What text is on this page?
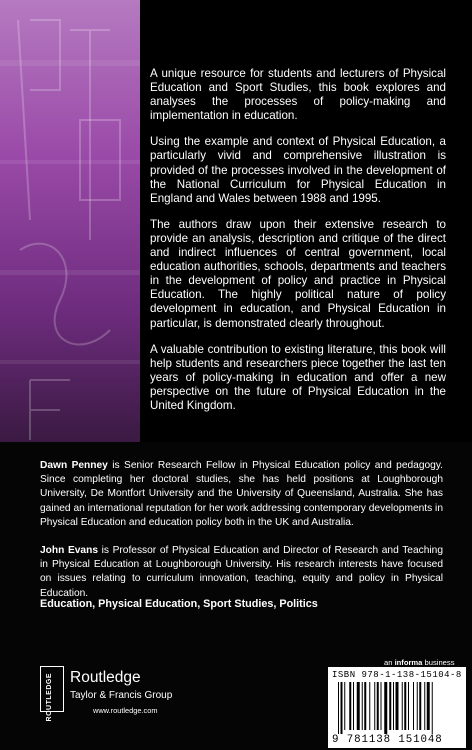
A unique resource for students and lecturers of Physical Education and Sport Studies, this book explores and analyses the processes of policy-making and implementation in education.

Using the example and context of Physical Education, a particularly vivid and comprehensive illustration is provided of the processes involved in the development of the National Curriculum for Physical Education in England and Wales between 1988 and 1995.

The authors draw upon their extensive research to provide an analysis, description and critique of the direct and indirect influences of central government, local education authorities, schools, departments and teachers in the development of policy and practice in Physical Education. The highly political nature of policy development in education, and Physical Education in particular, is demonstrated clearly throughout.

A valuable contribution to existing literature, this book will help students and researchers piece together the last ten years of policy-making in education and offer a new perspective on the future of Physical Education in the United Kingdom.

Dawn Penney is Senior Research Fellow in Physical Education policy and pedagogy. Since completing her doctoral studies, she has held positions at Loughborough University, De Montfort University and the University of Queensland, Australia. She has gained an international reputation for her work addressing contemporary developments in Physical Education and education policy both in the UK and Australia.
John Evans is Professor of Physical Education and Director of Research and Teaching in Physical Education at Loughborough University. His research interests have focused on issues relating to curriculum innovation, teaching, equity and policy in Physical Education.
Education, Physical Education, Sport Studies, Politics
an informa business
ROUTLEDGE Routledge
Taylor & Francis Group
www.routledge.com
ISBN 978-1-138-15104-8
9 781138 151048
